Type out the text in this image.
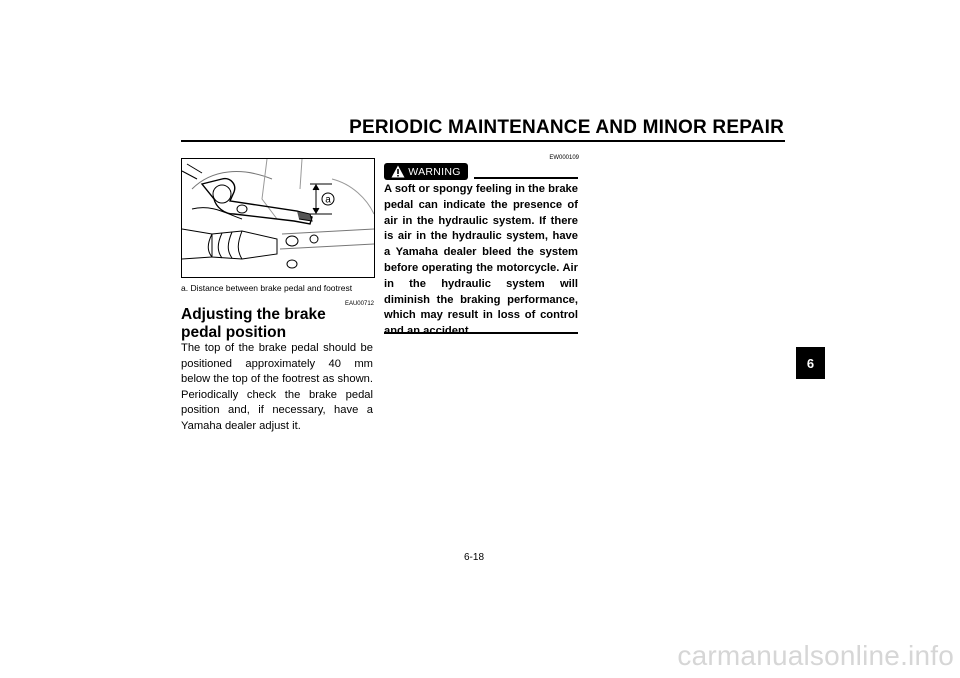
PERIODIC MAINTENANCE AND MINOR REPAIR
a
a. Distance between brake pedal and footrest
EAU00712
Adjusting the brake pedal position

The top of the brake pedal should be positioned approximately 40 mm below the top of the footrest as shown. Periodically check the brake pedal position and, if necessary, have a Yamaha dealer adjust it.

EW000109
WARNING

A soft or spongy feeling in the brake pedal can indicate the presence of air in the hydraulic system. If there is air in the hydraulic system, have a Yamaha dealer bleed the system before operating the motorcycle. Air in the hydraulic system will diminish the braking performance, which may result in loss of control and an accident.

6-18
6
carmanualsonline.info
